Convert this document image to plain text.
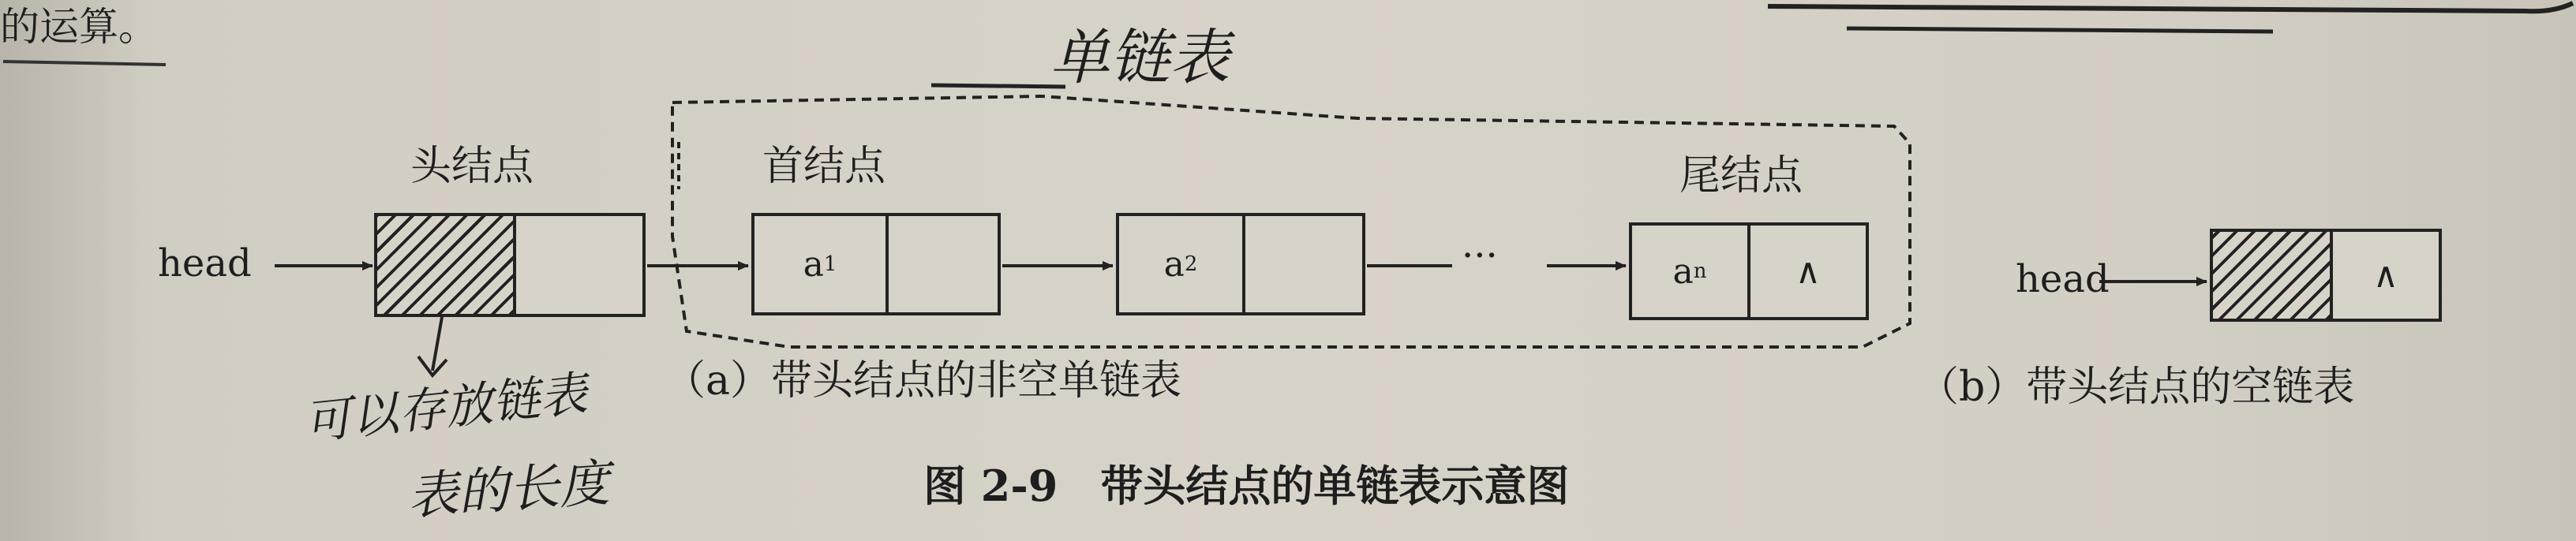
的运算。	单链表
头结点	首结点	尾结点
head	a 1	a 2	···	a n	∧
（a）带头结点的非空单链表
head	∧
（b）带头结点的空链表
可以存放链表
表的长度	图 2-9　带头结点的单链表示意图
